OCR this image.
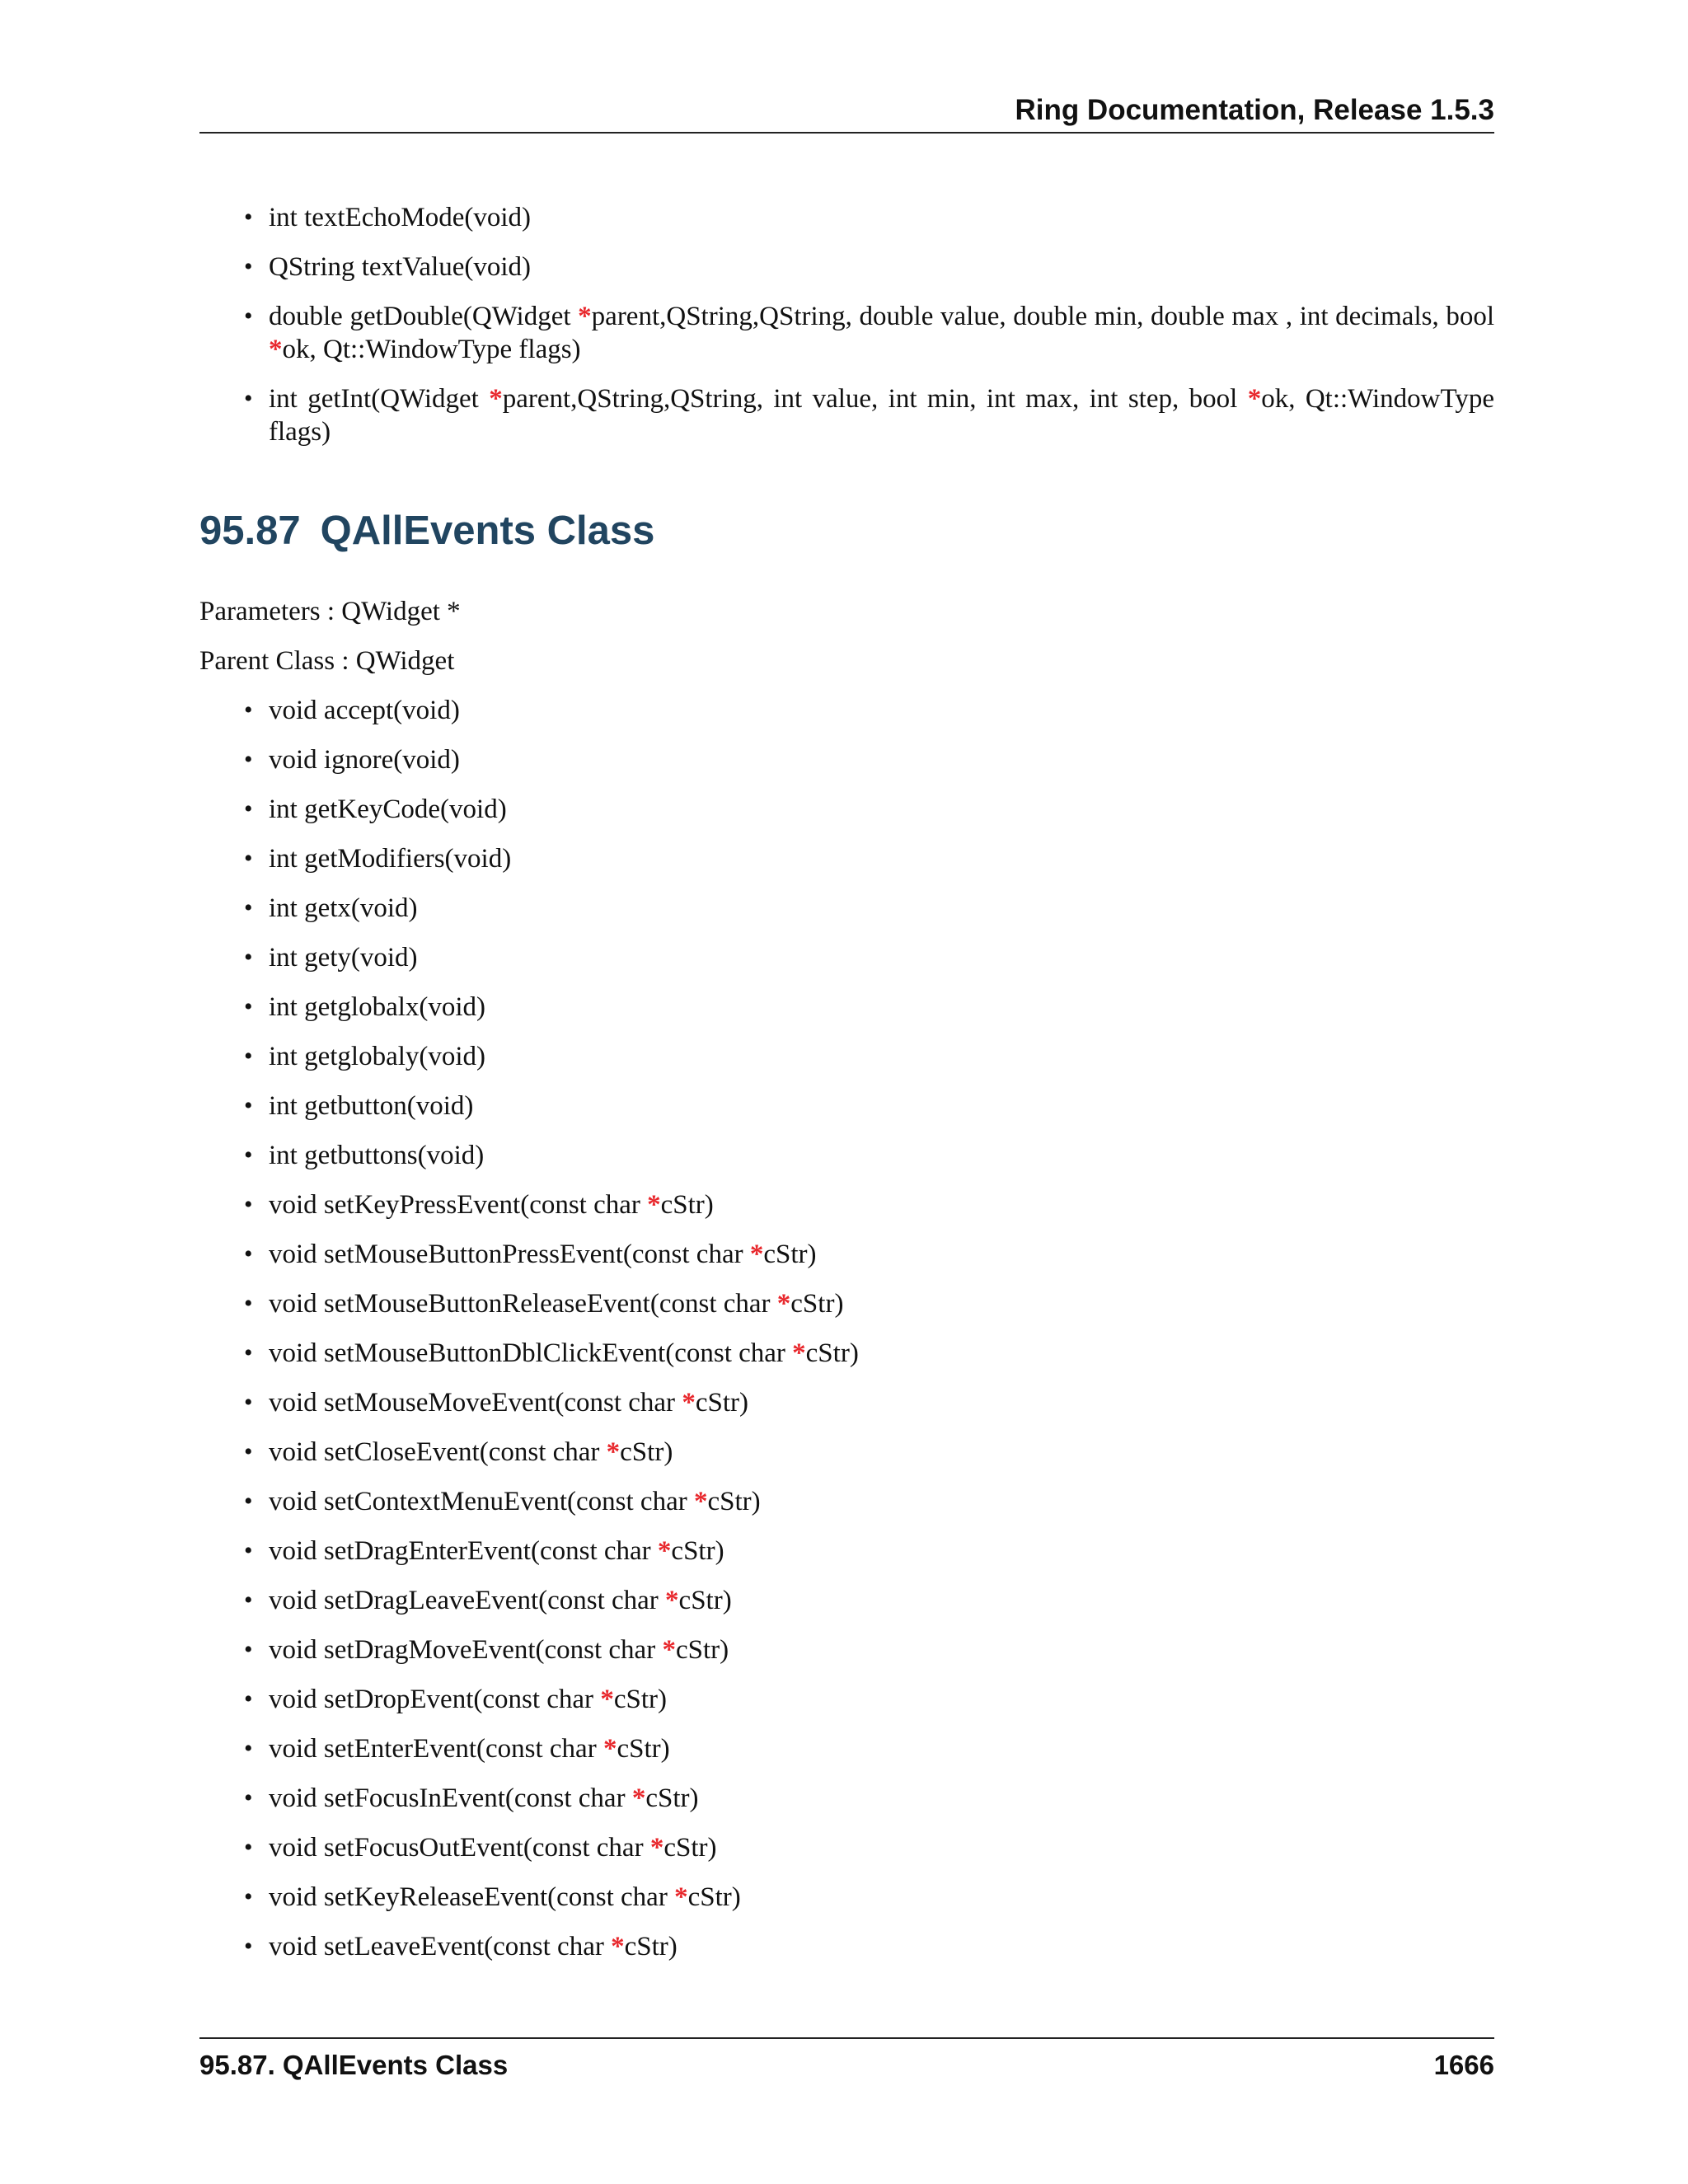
Ring Documentation, Release 1.5.3
• int textEchoMode(void)
• QString textValue(void)
• double getDouble(QWidget *parent,QString,QString, double value, double min, double max , int decimals, bool *ok, Qt::WindowType flags)
• int getInt(QWidget *parent,QString,QString, int value, int min, int max, int step, bool *ok, Qt::WindowType flags)
95.87 QAllEvents Class

Parameters : QWidget *

Parent Class : QWidget

• void accept(void)
• void ignore(void)
• int getKeyCode(void)
• int getModifiers(void)
• int getx(void)
• int gety(void)
• int getglobalx(void)
• int getglobaly(void)
• int getbutton(void)
• int getbuttons(void)
• void setKeyPressEvent(const char *cStr)
• void setMouseButtonPressEvent(const char *cStr)
• void setMouseButtonReleaseEvent(const char *cStr)
• void setMouseButtonDblClickEvent(const char *cStr)
• void setMouseMoveEvent(const char *cStr)
• void setCloseEvent(const char *cStr)
• void setContextMenuEvent(const char *cStr)
• void setDragEnterEvent(const char *cStr)
• void setDragLeaveEvent(const char *cStr)
• void setDragMoveEvent(const char *cStr)
• void setDropEvent(const char *cStr)
• void setEnterEvent(const char *cStr)
• void setFocusInEvent(const char *cStr)
• void setFocusOutEvent(const char *cStr)
• void setKeyReleaseEvent(const char *cStr)
• void setLeaveEvent(const char *cStr)
95.87. QAllEvents Class	1666
